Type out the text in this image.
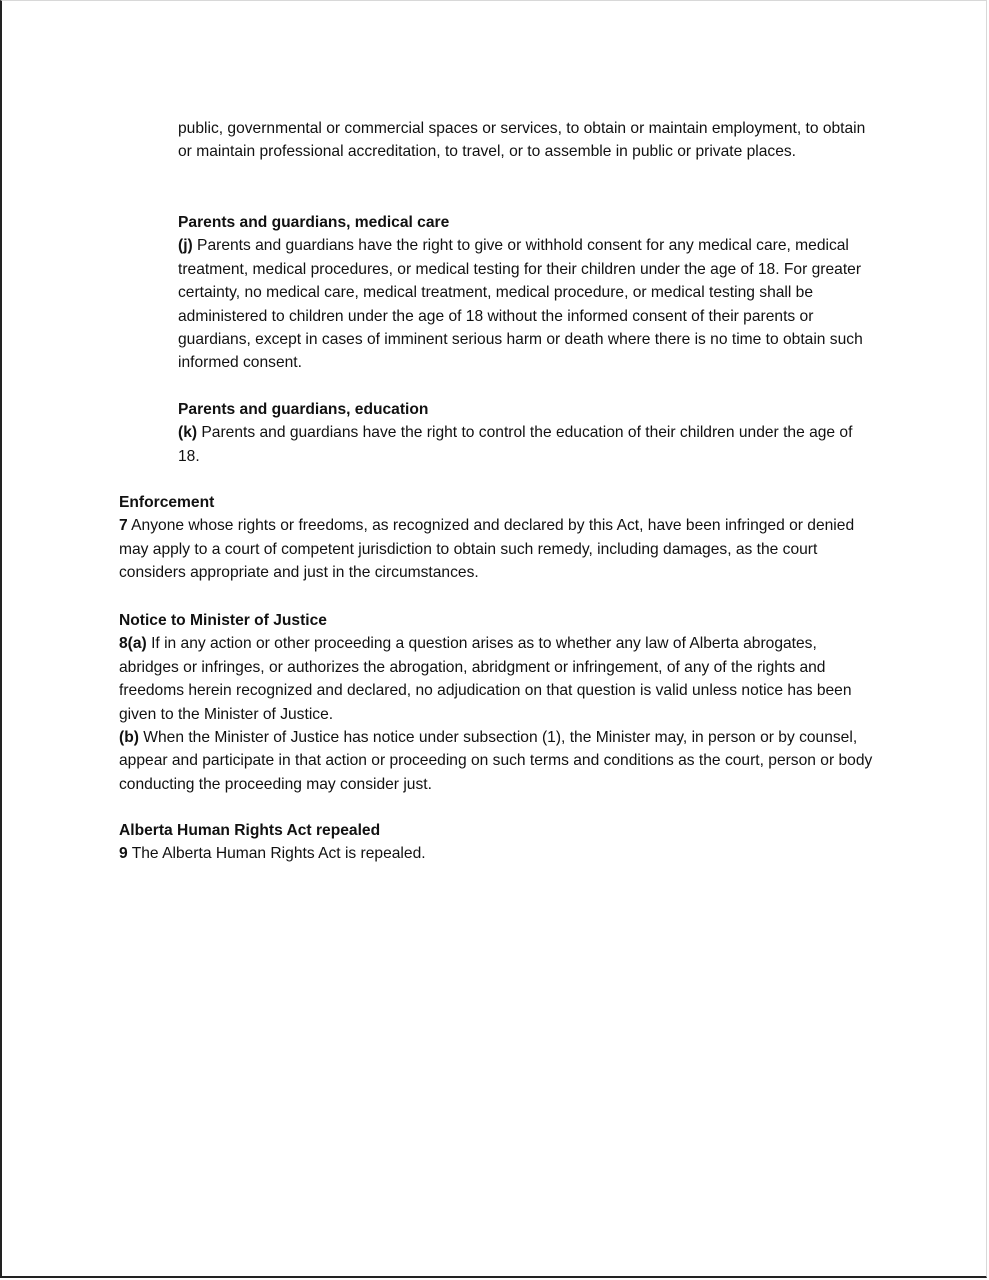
public, governmental or commercial spaces or services, to obtain or maintain employment, to obtain or maintain professional accreditation, to travel, or to assemble in public or private places.

Parents and guardians, medical care

(j) Parents and guardians have the right to give or withhold consent for any medical care, medical treatment, medical procedures, or medical testing for their children under the age of 18. For greater certainty, no medical care, medical treatment, medical procedure, or medical testing shall be administered to children under the age of 18 without the informed consent of their parents or guardians, except in cases of imminent serious harm or death where there is no time to obtain such informed consent.

Parents and guardians, education

(k) Parents and guardians have the right to control the education of their children under the age of 18.

Enforcement

7 Anyone whose rights or freedoms, as recognized and declared by this Act, have been infringed or denied may apply to a court of competent jurisdiction to obtain such remedy, including damages, as the court considers appropriate and just in the circumstances.

Notice to Minister of Justice

8(a) If in any action or other proceeding a question arises as to whether any law of Alberta abrogates, abridges or infringes, or authorizes the abrogation, abridgment or infringement, of any of the rights and freedoms herein recognized and declared, no adjudication on that question is valid unless notice has been given to the Minister of Justice.

(b) When the Minister of Justice has notice under subsection (1), the Minister may, in person or by counsel, appear and participate in that action or proceeding on such terms and conditions as the court, person or body conducting the proceeding may consider just.

Alberta Human Rights Act repealed

9 The Alberta Human Rights Act is repealed.
